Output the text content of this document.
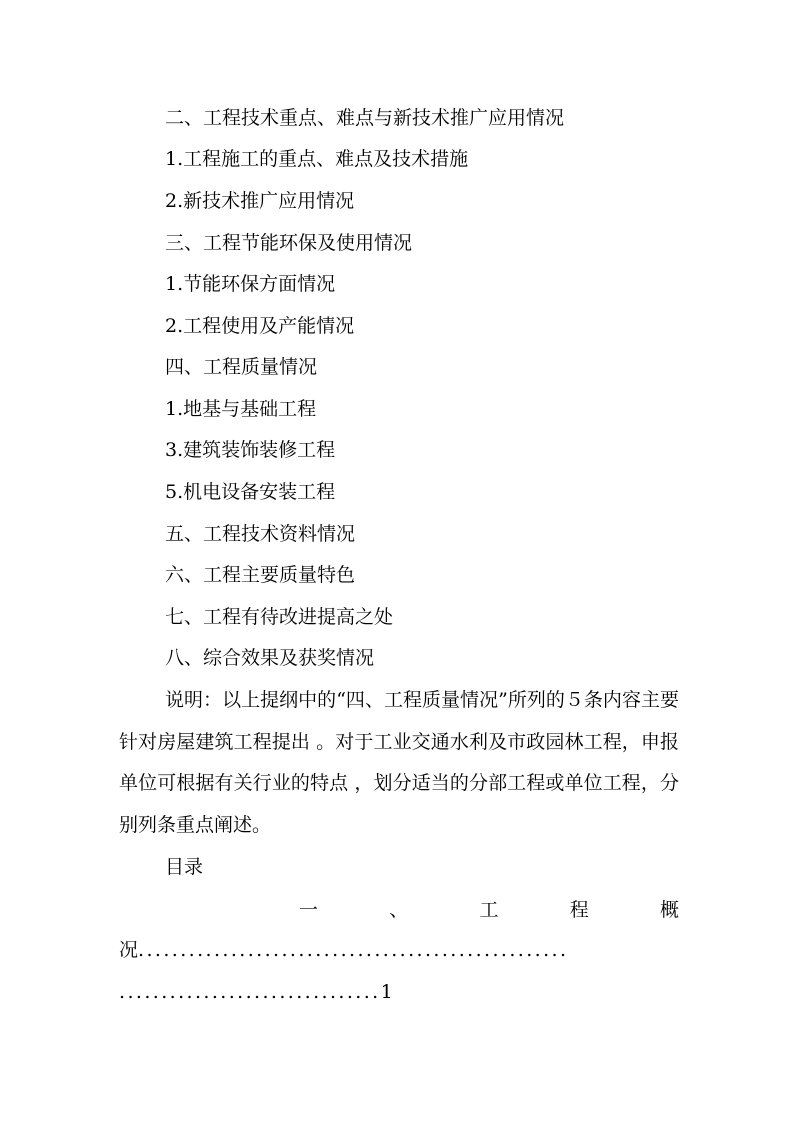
二、工程技术重点、难点与新技术推广应用情况
1.工程施工的重点、难点及技术措施
2.新技术推广应用情况
三、工程节能环保及使用情况
1.节能环保方面情况
2.工程使用及产能情况
四、工程质量情况
1.地基与基础工程
3.建筑装饰装修工程
5.机电设备安装工程
五、工程技术资料情况
六、工程主要质量特色
七、工程有待改进提高之处
八、综合效果及获奖情况
说明：以上提纲中的“四、工程质量情况”所列的５条内容主要针对房屋建筑工程提出 。对于工业交通水利及市政园林工程，申报单位可根据有关行业的特点 ，划分适当的分部工程或单位工程，分别列条重点阐述。
目录
一	、	工	程	概
况...................................................
...............................1
